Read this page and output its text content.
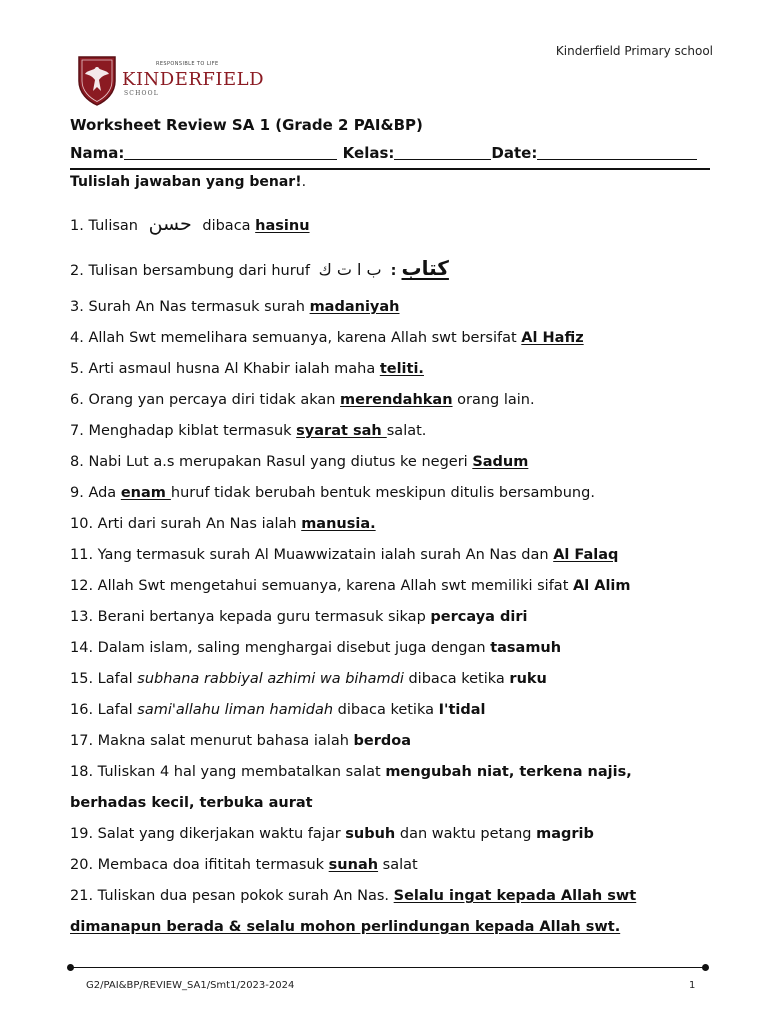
Kinderfield Primary school
RESPONSIBLE TO LIFE
KINDERFIELD
SCHOOL
Worksheet Review SA 1 (Grade 2 PAI&BP)
Nama:	Kelas:	Date:
Tulislah jawaban yang benar!.
1. Tulisan حسن dibaca hasinu
2. Tulisan bersambung dari huruf ب ا ت ك : كتاب
3. Surah An Nas termasuk surah madaniyah
4. Allah Swt memelihara semuanya, karena Allah swt bersifat Al Hafiz
5. Arti asmaul husna Al Khabir ialah maha teliti.
6. Orang yan percaya diri tidak akan merendahkan orang lain.
7. Menghadap kiblat termasuk syarat sah salat.
8. Nabi Lut a.s merupakan Rasul yang diutus ke negeri Sadum
9. Ada enam huruf tidak berubah bentuk meskipun ditulis bersambung.
10. Arti dari surah An Nas ialah manusia.
11. Yang termasuk surah Al Muawwizatain ialah surah An Nas dan Al Falaq
12. Allah Swt mengetahui semuanya, karena Allah swt memiliki sifat Al Alim
13. Berani bertanya kepada guru termasuk sikap percaya diri
14. Dalam islam, saling menghargai disebut juga dengan tasamuh
15. Lafal subhana rabbiyal azhimi wa bihamdi dibaca ketika ruku
16. Lafal sami'allahu liman hamidah dibaca ketika I'tidal
17. Makna salat menurut bahasa ialah berdoa
18. Tuliskan 4 hal yang membatalkan salat mengubah niat, terkena najis,
berhadas kecil, terbuka aurat
19. Salat yang dikerjakan waktu fajar subuh dan waktu petang magrib
20. Membaca doa ifititah termasuk sunah salat
21. Tuliskan dua pesan pokok surah An Nas. Selalu ingat kepada Allah swt
dimanapun berada & selalu mohon perlindungan kepada Allah swt.
G2/PAI&BP/REVIEW_SA1/Smt1/2023-2024	1
